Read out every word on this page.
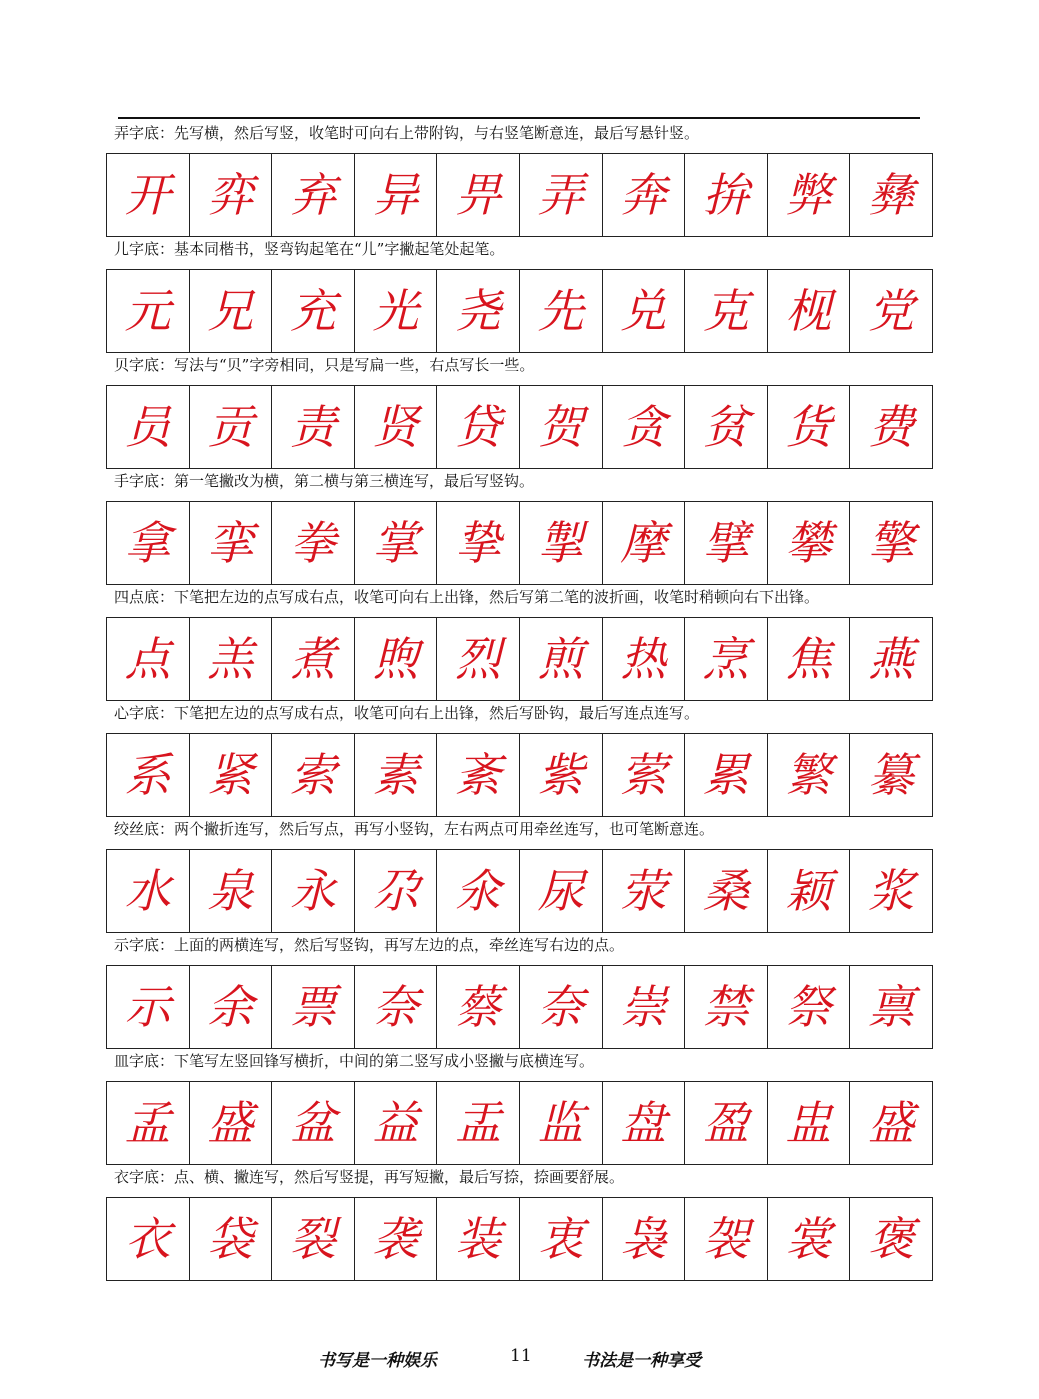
弄字底： 先写横，然后写竖，收笔时可向右上带附钩，与右竖笔断意连，最后写悬针竖。
开 弈 弃 异 畀 弄 奔 拚 弊 彝
儿字底： 基本同楷书，竖弯钩起笔在“儿”字撇起笔处起笔。
元 兄 充 光 尧 先 兑 克 枧 党
贝字底： 写法与“贝”字旁相同，只是写扁一些，右点写长一些。
员 贡 责 贤 贷 贺 贪 贫 货 费
手字底： 第一笔撇改为横，第二横与第三横连写，最后写竖钩。
拿 挛 拳 掌 挚 掣 摩 擘 攀 擎
四点底： 下笔把左边的点写成右点，收笔可向右上出锋，然后写第二笔的波折画，收笔时稍顿向右下出锋。
点 羔 煮 煦 烈 煎 热 烹 焦 燕
心字底： 下笔把左边的点写成右点，收笔可向右上出锋，然后写卧钩，最后写连点连写。
系 紧 索 素 紊 紫 萦 累 繁 纂
绞丝底： 两个撇折连写，然后写点，再写小竖钩，左右两点可用牵丝连写，也可笔断意连。
水 泉 永 尕 氽 尿 荥 桑 颖 浆
示字底： 上面的两横连写，然后写竖钩，再写左边的点，牵丝连写右边的点。
示 余 票 奈 蔡 奈 崇 禁 祭 禀
皿字底： 下笔写左竖回锋写横折，中间的第二竖写成小竖撇与底横连写。
孟 盛 盆 益 盂 监 盘 盈 盅 盛
衣字底： 点、横、撇连写，然后写竖提，再写短撇，最后写捺，捺画要舒展。
衣 袋 裂 袭 装 衷 袅 袈 裳 褒
书写是一种娱乐	11	书法是一种享受
